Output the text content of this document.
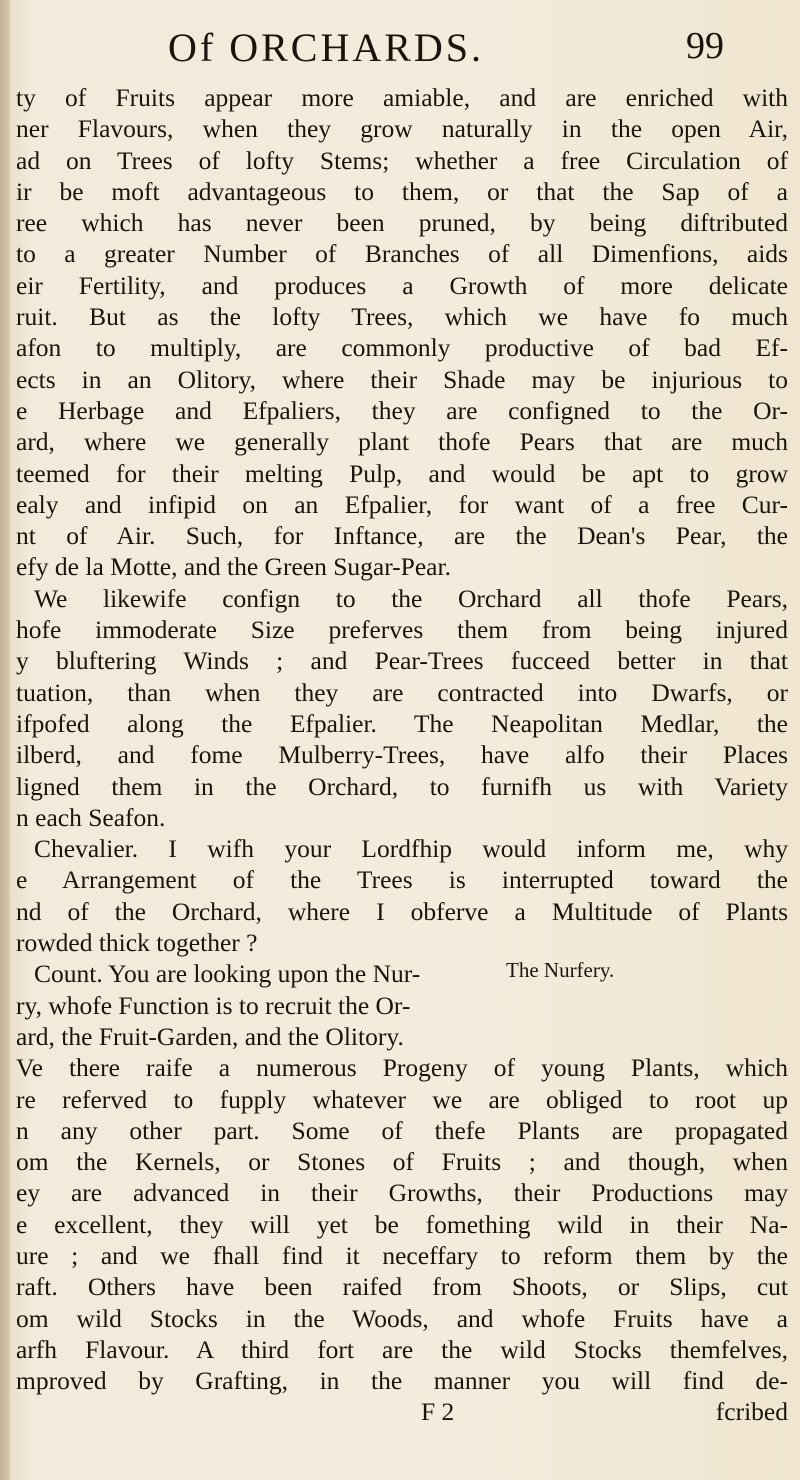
Of ORCHARDS.	99
ty of Fruits appear more amiable, and are enriched with
ner Flavours, when they grow naturally in the open Air,
ad on Trees of lofty Stems; whether a free Circulation of
ir be moft advantageous to them, or that the Sap of a
ree which has never been pruned, by being diftributed
to a greater Number of Branches of all Dimenfions, aids
eir Fertility, and produces a Growth of more delicate
ruit. But as the lofty Trees, which we have fo much
afon to multiply, are commonly productive of bad Ef-
ects in an Olitory, where their Shade may be injurious to
e Herbage and Efpaliers, they are configned to the Or-
ard, where we generally plant thofe Pears that are much
teemed for their melting Pulp, and would be apt to grow
ealy and infipid on an Efpalier, for want of a free Cur-
nt of Air. Such, for Inftance, are the Dean's Pear, the
efy de la Motte, and the Green Sugar-Pear.
We likewife confign to the Orchard all thofe Pears,
hofe immoderate Size preferves them from being injured
y bluftering Winds ; and Pear-Trees fucceed better in that
tuation, than when they are contracted into Dwarfs, or
ifpofed along the Efpalier. The Neapolitan Medlar, the
ilberd, and fome Mulberry-Trees, have alfo their Places
ligned them in the Orchard, to furnifh us with Variety
n each Seafon.
Chevalier. I wifh your Lordfhip would inform me, why
e Arrangement of the Trees is interrupted toward the
nd of the Orchard, where I obferve a Multitude of Plants
rowded thick together ?
Count. You are looking upon the Nur-
ry, whofe Function is to recruit the Or-
The Nurfery.
ard, the Fruit-Garden, and the Olitory.
Ve there raife a numerous Progeny of young Plants, which
re referved to fupply whatever we are obliged to root up
n any other part. Some of thefe Plants are propagated
om the Kernels, or Stones of Fruits ; and though, when
ey are advanced in their Growths, their Productions may
e excellent, they will yet be fomething wild in their Na-
ure ; and we fhall find it neceffary to reform them by the
raft. Others have been raifed from Shoots, or Slips, cut
om wild Stocks in the Woods, and whofe Fruits have a
arfh Flavour. A third fort are the wild Stocks themfelves,
mproved by Grafting, in the manner you will find de-
F 2	fcribed
